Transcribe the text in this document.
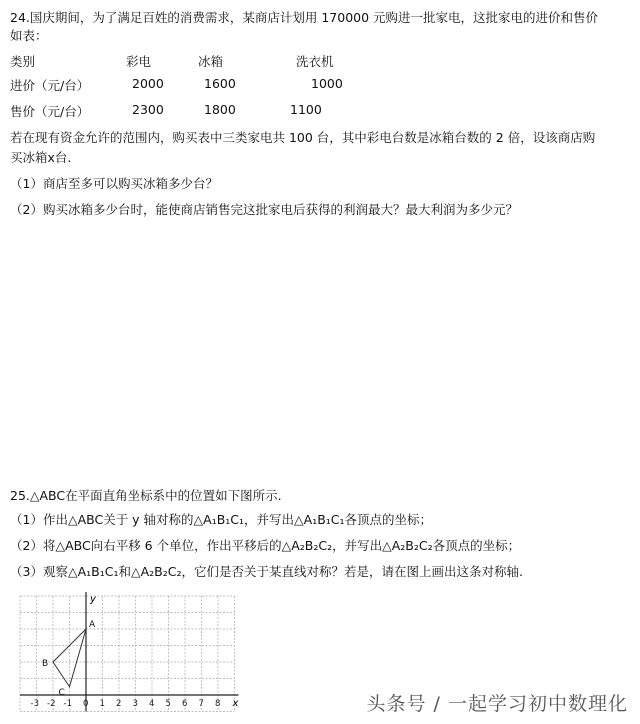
24.国庆期间，为了满足百姓的消费需求，某商店计划用 170000 元购进一批家电，这批家电的进价和售价
如表：
类别	彩电	冰箱	洗衣机
进价（元/台）	2000	1600	1000
售价（元/台）	2300	1800	1100
若在现有资金允许的范围内，购买表中三类家电共 100 台，其中彩电台数是冰箱台数的 2 倍，设该商店购
买冰箱x台.
（1）商店至多可以购买冰箱多少台？
（2）购买冰箱多少台时，能使商店销售完这批家电后获得的利润最大？最大利润为多少元？
25.△ABC在平面直角坐标系中的位置如下图所示.
（1）作出△ABC关于 y 轴对称的△A₁B₁C₁，并写出△A₁B₁C₁各顶点的坐标；
（2）将△ABC向右平移 6 个单位，作出平移后的△A₂B₂C₂，并写出△A₂B₂C₂各顶点的坐标；
（3）观察△A₁B₁C₁和△A₂B₂C₂，它们是否关于某直线对称？若是，请在图上画出这条对称轴.
x
y
-3 -2 -1 0 1 2 3 4 5 6 7 8
A
B
C
头条号 / 一起学习初中数理化
